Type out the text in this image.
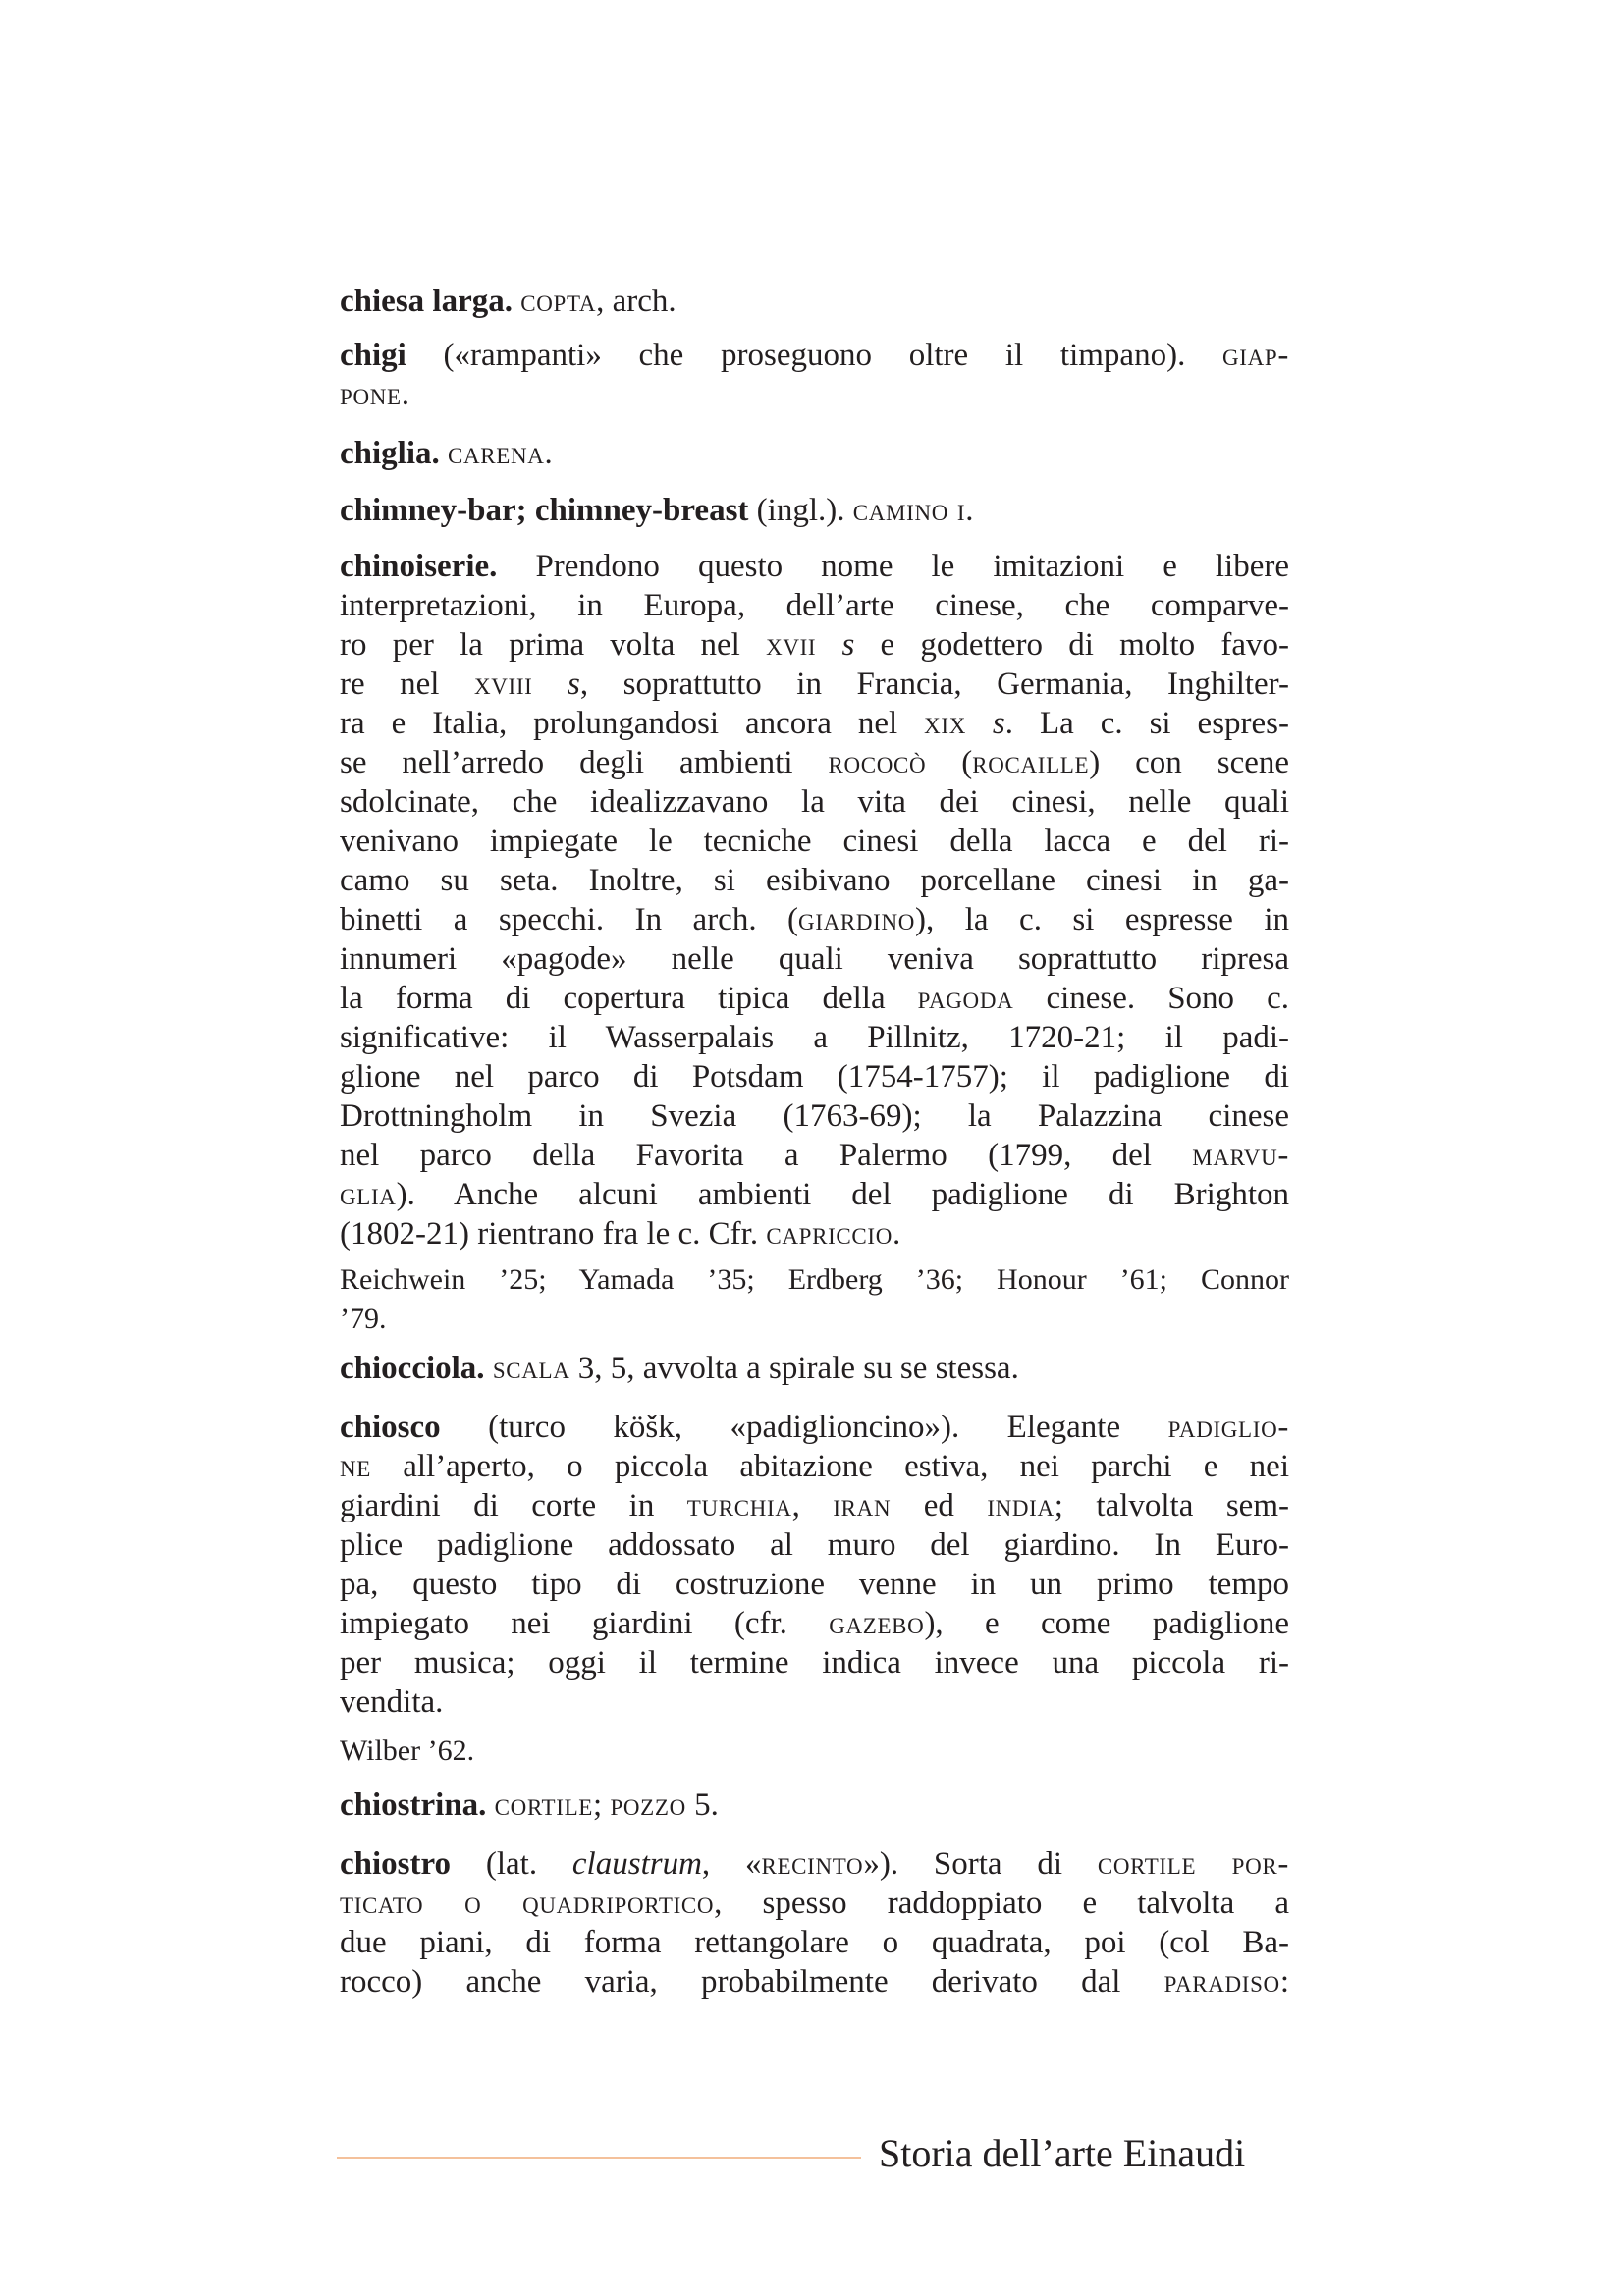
chiesa larga. copta, arch.
chigi («rampanti» che proseguono oltre il timpano). giap-
pone.
chiglia. carena.
chimney-bar; chimney-breast (ingl.). camino i.
chinoiserie. Prendono questo nome le imitazioni e libere
interpretazioni, in Europa, dell’arte cinese, che comparve-
ro per la prima volta nel xvii s e godettero di molto favo-
re nel xviii s, soprattutto in Francia, Germania, Inghilter-
ra e Italia, prolungandosi ancora nel xix s. La c. si espres-
se nell’arredo degli ambienti rococò (rocaille) con scene
sdolcinate, che idealizzavano la vita dei cinesi, nelle quali
venivano impiegate le tecniche cinesi della lacca e del ri-
camo su seta. Inoltre, si esibivano porcellane cinesi in ga-
binetti a specchi. In arch. (giardino), la c. si espresse in
innumeri «pagode» nelle quali veniva soprattutto ripresa
la forma di copertura tipica della pagoda cinese. Sono c.
significative: il Wasserpalais a Pillnitz, 1720-21; il padi-
glione nel parco di Potsdam (1754-1757); il padiglione di
Drottningholm in Svezia (1763-69); la Palazzina cinese
nel parco della Favorita a Palermo (1799, del marvu-
glia). Anche alcuni ambienti del padiglione di Brighton
(1802-21) rientrano fra le c. Cfr. capriccio.
Reichwein ’25; Yamada ’35; Erdberg ’36; Honour ’61; Connor
’79.
chiocciola. scala 3, 5, avvolta a spirale su se stessa.
chiosco (turco köšk, «padiglioncino»). Elegante padiglio-
ne all’aperto, o piccola abitazione estiva, nei parchi e nei
giardini di corte in turchia, iran ed india; talvolta sem-
plice padiglione addossato al muro del giardino. In Euro-
pa, questo tipo di costruzione venne in un primo tempo
impiegato nei giardini (cfr. gazebo), e come padiglione
per musica; oggi il termine indica invece una piccola ri-
vendita.
Wilber ’62.
chiostrina. cortile; pozzo 5.
chiostro (lat. claustrum, «recinto»). Sorta di cortile por-
ticato o quadriportico, spesso raddoppiato e talvolta a
due piani, di forma rettangolare o quadrata, poi (col Ba-
rocco) anche varia, probabilmente derivato dal paradiso:
Storia dell’arte Einaudi
